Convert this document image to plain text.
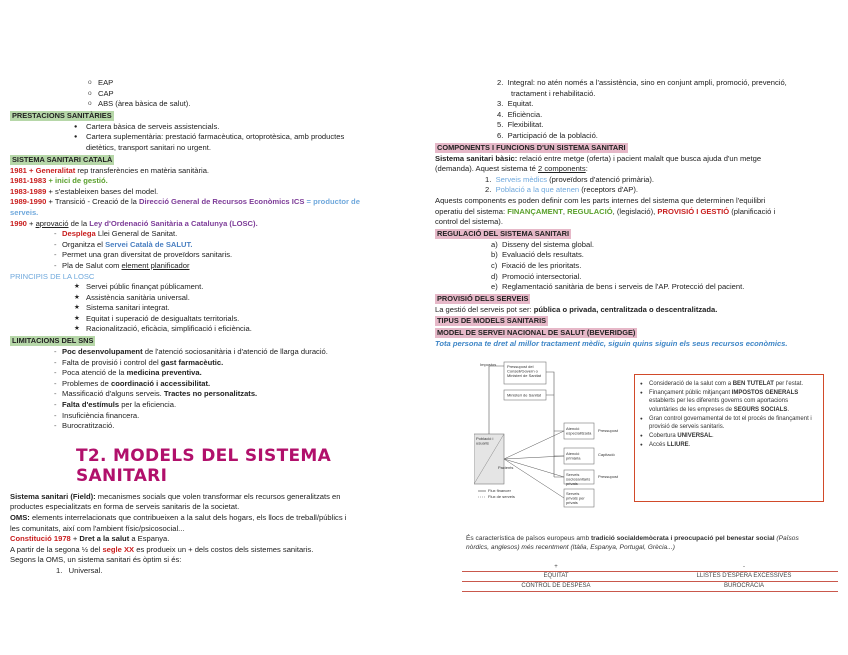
o EAP
o CAP
o ABS (àrea bàsica de salut).
PRESTACIONS SANITÀRIES
● Cartera bàsica de serveis assistencials.
● Cartera suplementària: prestació farmacèutica, ortoprotèsica, amb productes
dietètics, transport sanitari no urgent.
SISTEMA SANITARI CATALÀ
1981 + Generalitat rep transferències en matèria sanitària.
1981-1983 + inici de gestió.
1983-1989 + s'estableixen bases del model.
1989-1990 + Transició - Creació de la Direcció General de Recursos Econòmics ICS = productor de
serveis.
1990 + aprovació de la Ley d'Ordenació Sanitària a Catalunya (LOSC).
- Desplega Llei General de Sanitat.
- Organitza el Servei Català de SALUT.
- Permet una gran diversitat de proveïdors sanitaris.
- Pla de Salut com element planificador
PRINCIPIS DE LA LOSC
★ Servei públic finançat públicament.
★ Assistència sanitària universal.
★ Sistema sanitari integrat.
★ Equitat i superació de desigualtats territorials.
★ Racionalització, eficàcia, simplificació i eficiència.
LIMITACIONS DEL SNS
- Poc desenvolupament de l'atenció sociosanitària i d'atenció de llarga duració.
- Falta de provisió i control del gast farmacèutic.
- Poca atenció de la medicina preventiva.
- Problemes de coordinació i accessibilitat.
- Massificació d'alguns serveis. Tractes no personalitzats.
- Falta d'estímuls per la eficiencia.
- Insuficiència financera.
- Burocratització.
T2. MODELS DEL SISTEMA SANITARI
Sistema sanitari (Field): mecanismes socials que volen transformar els recursos generalitzats en
productes especialitzats en forma de serveis sanitaris de la societat.
OMS: elements interrelacionats que contribueixen a la salut dels hogars, els llocs de treball/públics i
les comunitats, així com l'ambient físic/psicosocial...
Constitució 1978 + Dret a la salut a Espanya.
A partir de la segona ½ del segle XX es produeix un + dels costos dels sistemes sanitaris.
Segons la OMS, un sistema sanitari és òptim si és:
1.   Universal.
2. Integral: no atén només a l'assistència, sino en conjunt ampli, promoció, prevenció,
tractament i rehabilitació.
3. Equitat.
4. Eficiència.
5. Flexibilitat.
6. Participació de la població.
COMPONENTS I FUNCIONS D'UN SISTEMA SANITARI
Sistema sanitari bàsic: relació entre metge (oferta) i pacient malalt que busca ajuda d'un metge
(demanda). Aquest sistema té 2 components:
1.  Serveis mèdics (proveïdors d'atenció primària).
2.  Població a la que atenen (receptors d'AP).
Aquests components es poden definir com les parts internes del sistema que determinen l'equilibri
operatiu del sistema: FINANÇAMENT, REGULACIÓ, (legislació), PROVISIÓ I GESTIÓ (planificació i
control del sistema).
REGULACIÓ DEL SISTEMA SANITARI
a) Disseny del sistema global.
b) Evaluació dels resultats.
c) Fixació de les prioritats.
d) Promoció intersectorial.
e) Reglamentació sanitària de bens i serveis de l'AP. Protecció del pacient.
PROVISIÓ DELS SERVEIS
La gestió del serveis pot ser: pública o privada, centralitzada o descentralitzada.
TIPUS DE MODELS SANITARIS
MODEL DE SERVEI NACIONAL DE SALUT (BEVERIDGE)
Tota persona te dret al millor tractament mèdic, siguin quins siguin els seus recursos econòmics.
Pressupost del Consell/Govern o Ministeri de Sanitat
Impostos
Ministeri de Sanitat
Població i usuaris
Pacients
Atenció especialitzada
Atenció primària
Serveis sociosanitaris privats
Serveis privats per privats
Pressupost
Capitació
Pressupost
Flux financer
Flux de serveis
● Consideració de la salut com a BEN TUTELAT per l'estat.
● Finançament públic mitjançant IMPOSTOS GENERALS establerts per les diferents governs com aportacions voluntàries de les empreses de SEGURS SOCIALS.
● Gran control governamental de tot el procés de finançament i provisió de serveis sanitaris.
● Cobertura UNIVERSAL.
● Accés LLIURE.
És característica de països europeus amb tradició socialdemòcrata i preocupació pel benestar social (Països
nòrdics, anglesos) més recentment (Itàlia, Espanya, Portugal, Grècia...)
+	-
EQUITAT	LLISTES D'ESPERA EXCESSIVES
CONTROL DE DESPESA	BUROCRÀCIA
